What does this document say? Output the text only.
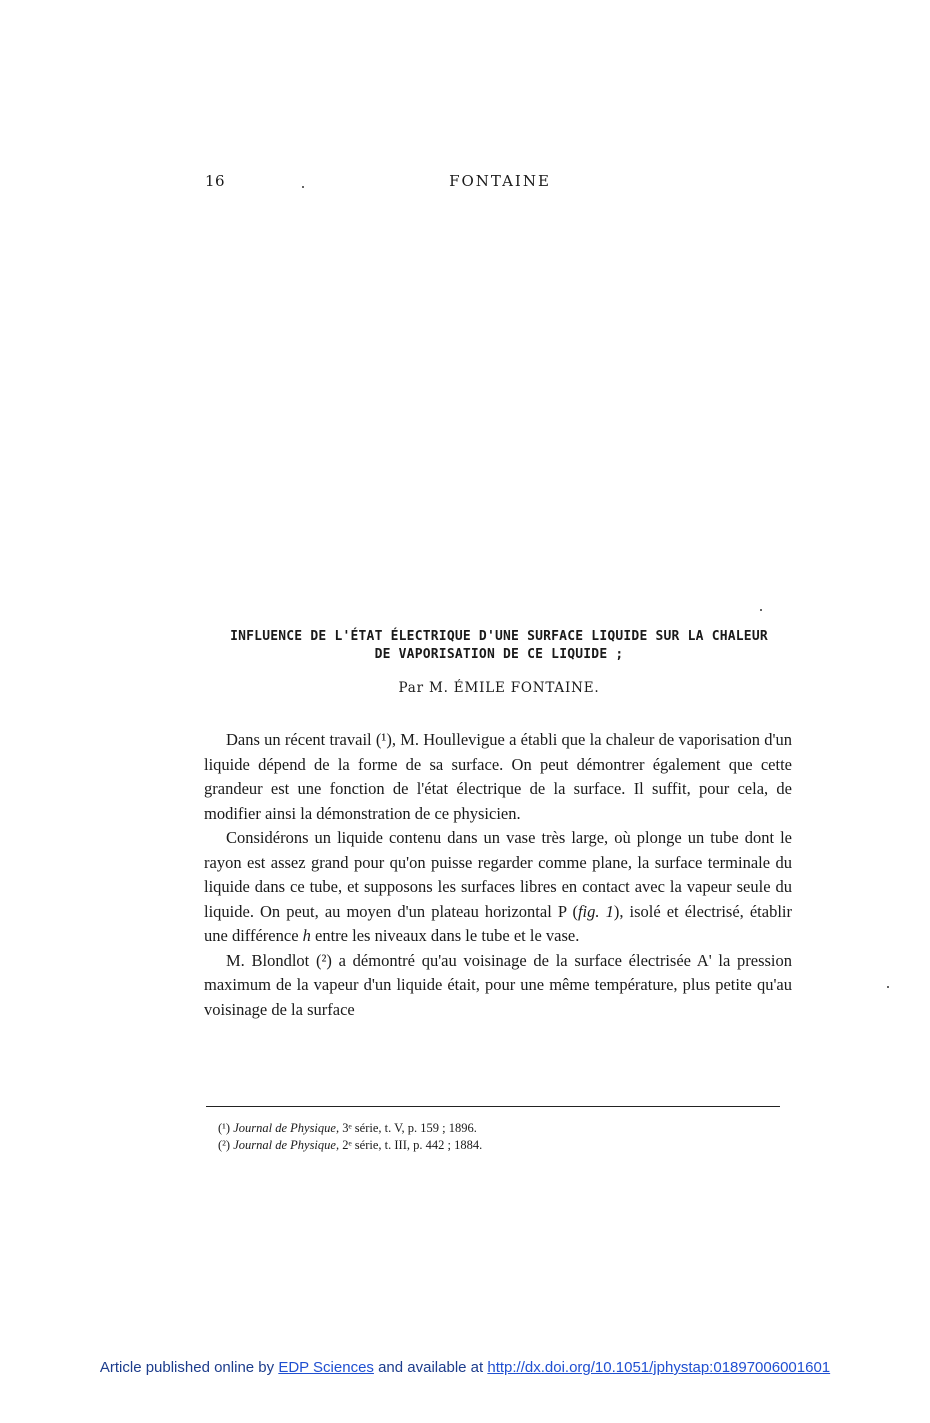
16	FONTAINE
INFLUENCE DE L'ÉTAT ÉLECTRIQUE D'UNE SURFACE LIQUIDE SUR LA CHALEUR
DE VAPORISATION DE CE LIQUIDE ;
Par M. ÉMILE FONTAINE.

Dans un récent travail (¹), M. Houllevigue a établi que la chaleur de vaporisation d'un liquide dépend de la forme de sa surface. On peut démontrer également que cette grandeur est une fonction de l'état électrique de la surface. Il suffit, pour cela, de modifier ainsi la démonstration de ce physicien.

Considérons un liquide contenu dans un vase très large, où plonge un tube dont le rayon est assez grand pour qu'on puisse regarder comme plane, la surface terminale du liquide dans ce tube, et supposons les surfaces libres en contact avec la vapeur seule du liquide. On peut, au moyen d'un plateau horizontal P (fig. 1), isolé et électrisé, établir une différence h entre les niveaux dans le tube et le vase.

M. Blondlot (²) a démontré qu'au voisinage de la surface électrisée A' la pression maximum de la vapeur d'un liquide était, pour une même température, plus petite qu'au voisinage de la surface

(¹) Journal de Physique, 3ᵉ série, t. V, p. 159 ; 1896.
(²) Journal de Physique, 2ᵉ série, t. III, p. 442 ; 1884.
Article published online by EDP Sciences and available at http://dx.doi.org/10.1051/jphystap:01897006001601
